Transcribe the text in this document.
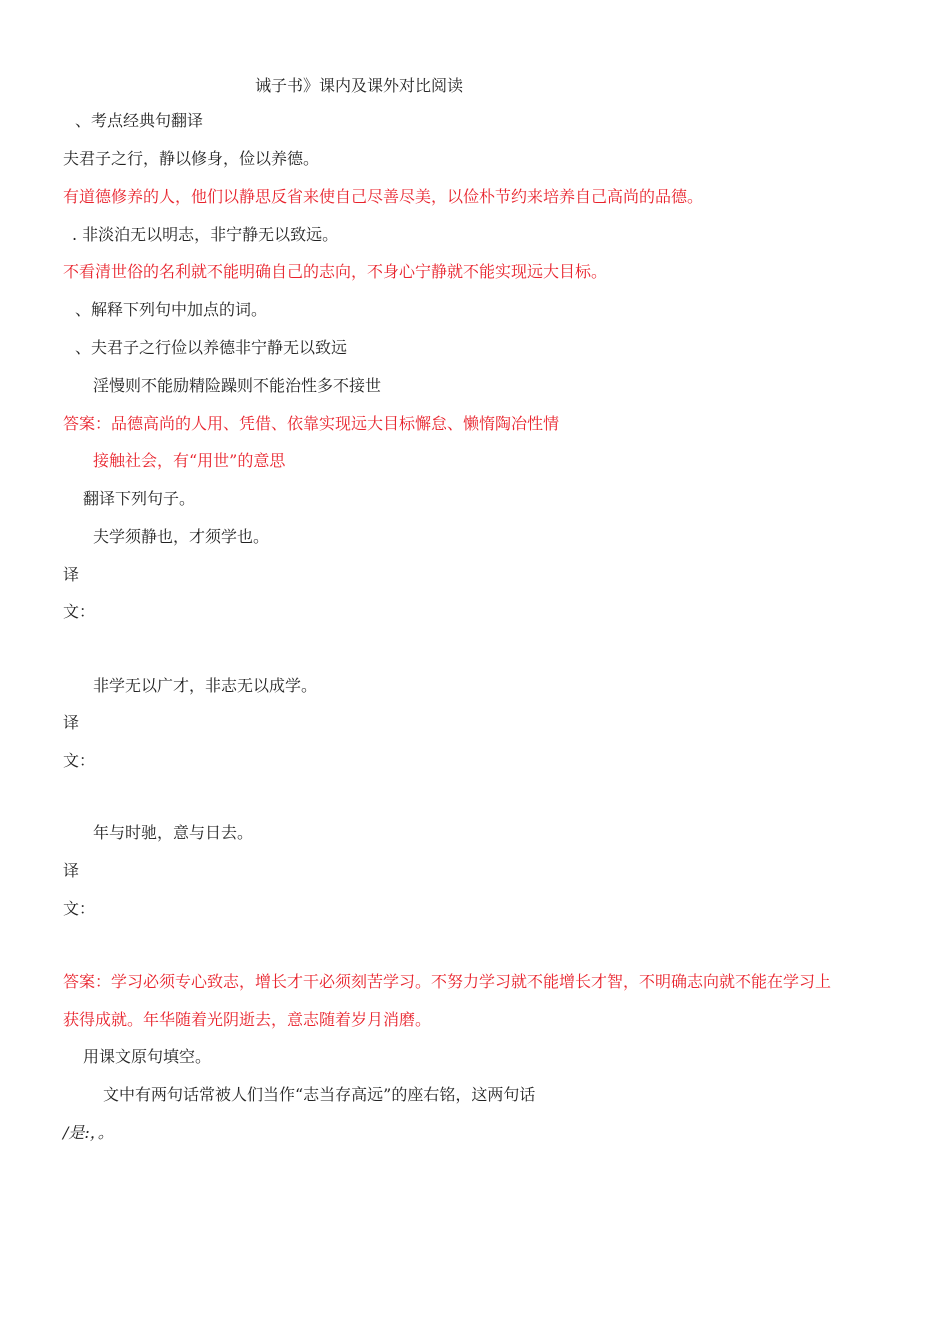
诫子书》课内及课外对比阅读
、考点经典句翻译
夫君子之行，静以修身，俭以养德。
有道德修养的人，他们以静思反省来使自己尽善尽美，以俭朴节约来培养自己高尚的品德。
. 非淡泊无以明志，非宁静无以致远。
不看清世俗的名利就不能明确自己的志向，不身心宁静就不能实现远大目标。
、解释下列句中加点的词。
、夫君子之行俭以养德非宁静无以致远
淫慢则不能励精险躁则不能治性多不接世
答案：品德高尚的人用、凭借、依靠实现远大目标懈怠、懒惰陶冶性情
接触社会，有“用世”的意思
翻译下列句子。
夫学须静也，才须学也。
译
文：
非学无以广才，非志无以成学。
译
文：
年与时驰，意与日去。
译
文：
答案：学习必须专心致志，增长才干必须刻苦学习。不努力学习就不能增长才智，不明确志向就不能在学习上
获得成就。年华随着光阴逝去，意志随着岁月消磨。
用课文原句填空。
文中有两句话常被人们当作“志当存高远”的座右铭，这两句话
/是:，。
